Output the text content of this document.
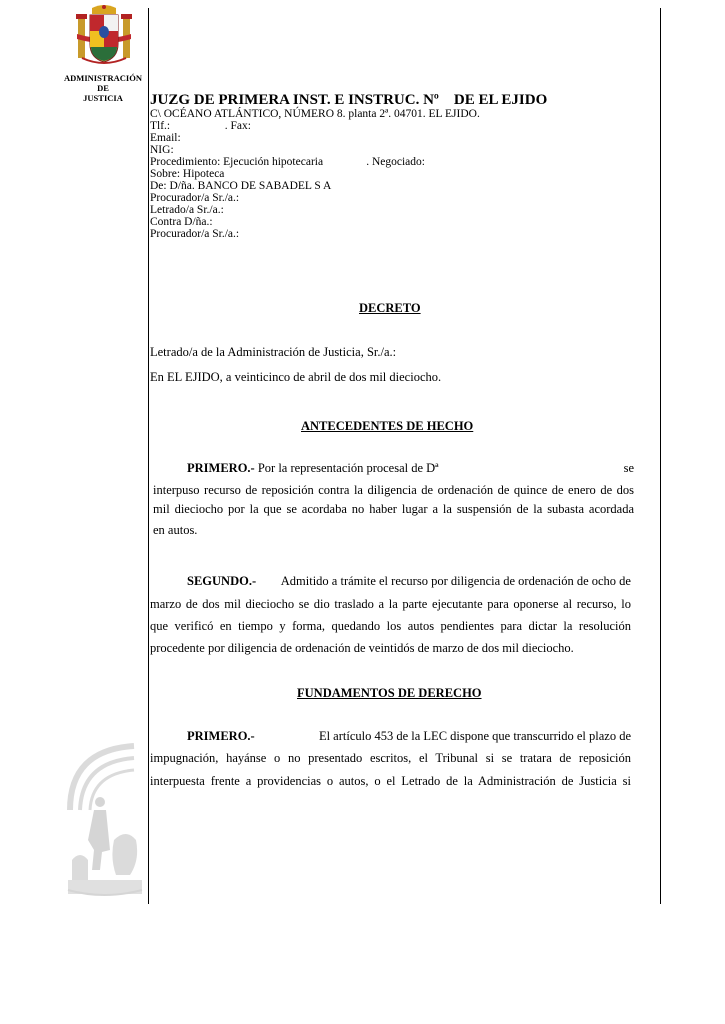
ADMINISTRACIÓN
DE
JUSTICIA	JUZG DE PRIMERA INST. E INSTRUC. Nº    DE EL EJIDO
C\ OCÉANO ATLÁNTICO, NÚMERO 8. planta 2ª. 04701. EL EJIDO.
Tlf.:                   . Fax:
Email:
NIG:
Procedimiento: Ejecución hipotecaria               . Negociado:
Sobre: Hipoteca
De: D/ña. BANCO DE SABADEL S A
Procurador/a Sr./a.:
Letrado/a Sr./a.:
Contra D/ña.:
Procurador/a Sr./a.:
DECRETO
Letrado/a de la Administración de Justicia, Sr./a.:
En EL EJIDO, a veinticinco de abril de dos mil dieciocho.
ANTECEDENTES DE HECHO
PRIMERO.- Por la representación procesal de Dª	se
interpuso recurso de reposición contra la diligencia de ordenación de quince de enero de dos
mil dieciocho por la que se acordaba no haber lugar a la suspensión de la subasta acordada
en autos.
SEGUNDO.- Admitido a trámite el recurso por diligencia de ordenación de ocho de
marzo de dos mil dieciocho se dio traslado a la parte ejecutante para oponerse al recurso, lo
que verificó en tiempo y forma, quedando los autos pendientes para dictar la resolución
procedente por diligencia de ordenación de veintidós de marzo de dos mil dieciocho.
FUNDAMENTOS DE DERECHO
PRIMERO.-	El artículo 453 de la LEC dispone que transcurrido el plazo de
impugnación, hayánse o no presentado escritos, el Tribunal si se tratara de reposición
interpuesta frente a providencias o autos, o el Letrado de la Administración de Justicia si
